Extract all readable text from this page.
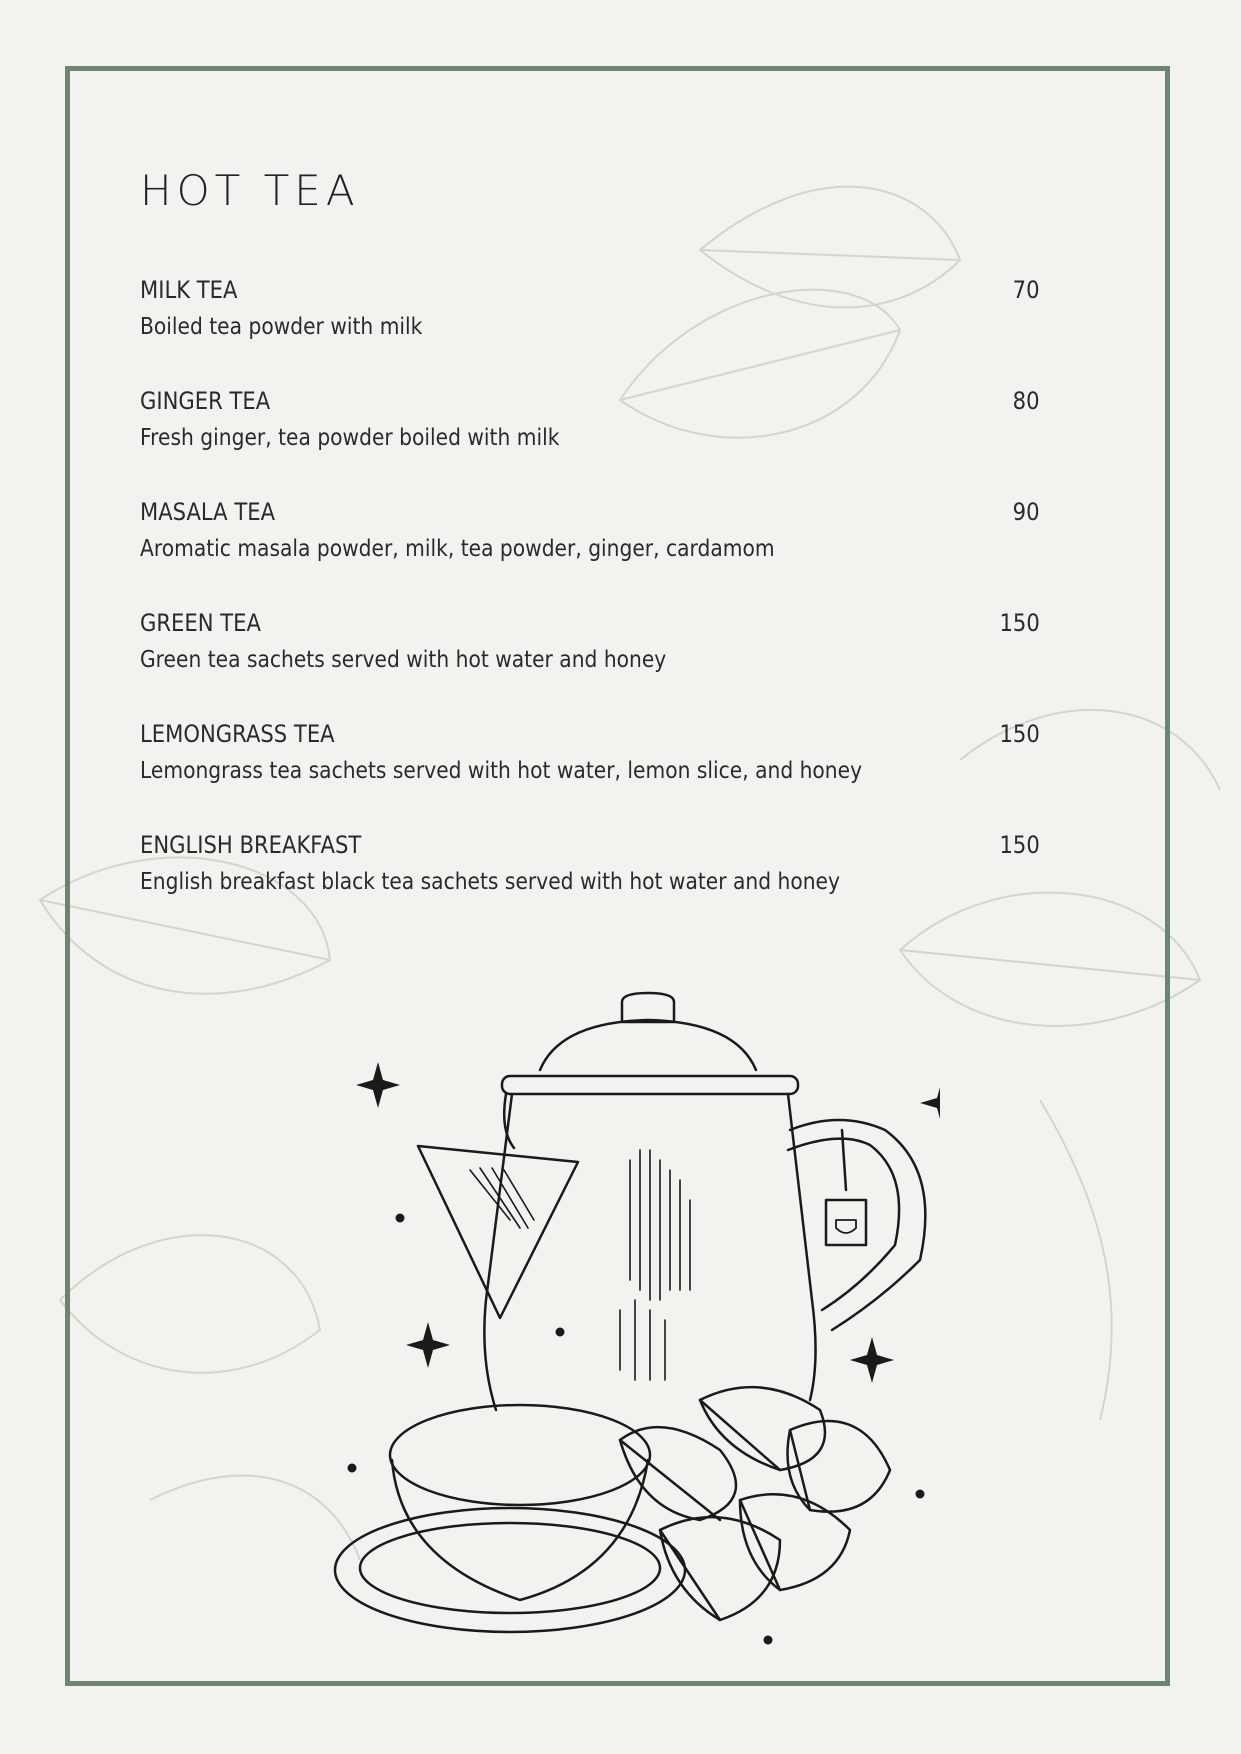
HOT TEA
MILK TEA	70
Boiled tea powder with milk
GINGER TEA	80
Fresh ginger, tea powder boiled with milk
MASALA TEA	90
Aromatic masala powder, milk, tea powder, ginger, cardamom
GREEN TEA	150
Green tea sachets served with hot water and honey
LEMONGRASS TEA	150
Lemongrass tea sachets served with hot water, lemon slice, and honey
ENGLISH BREAKFAST	150
English breakfast black tea sachets served with hot water and honey
